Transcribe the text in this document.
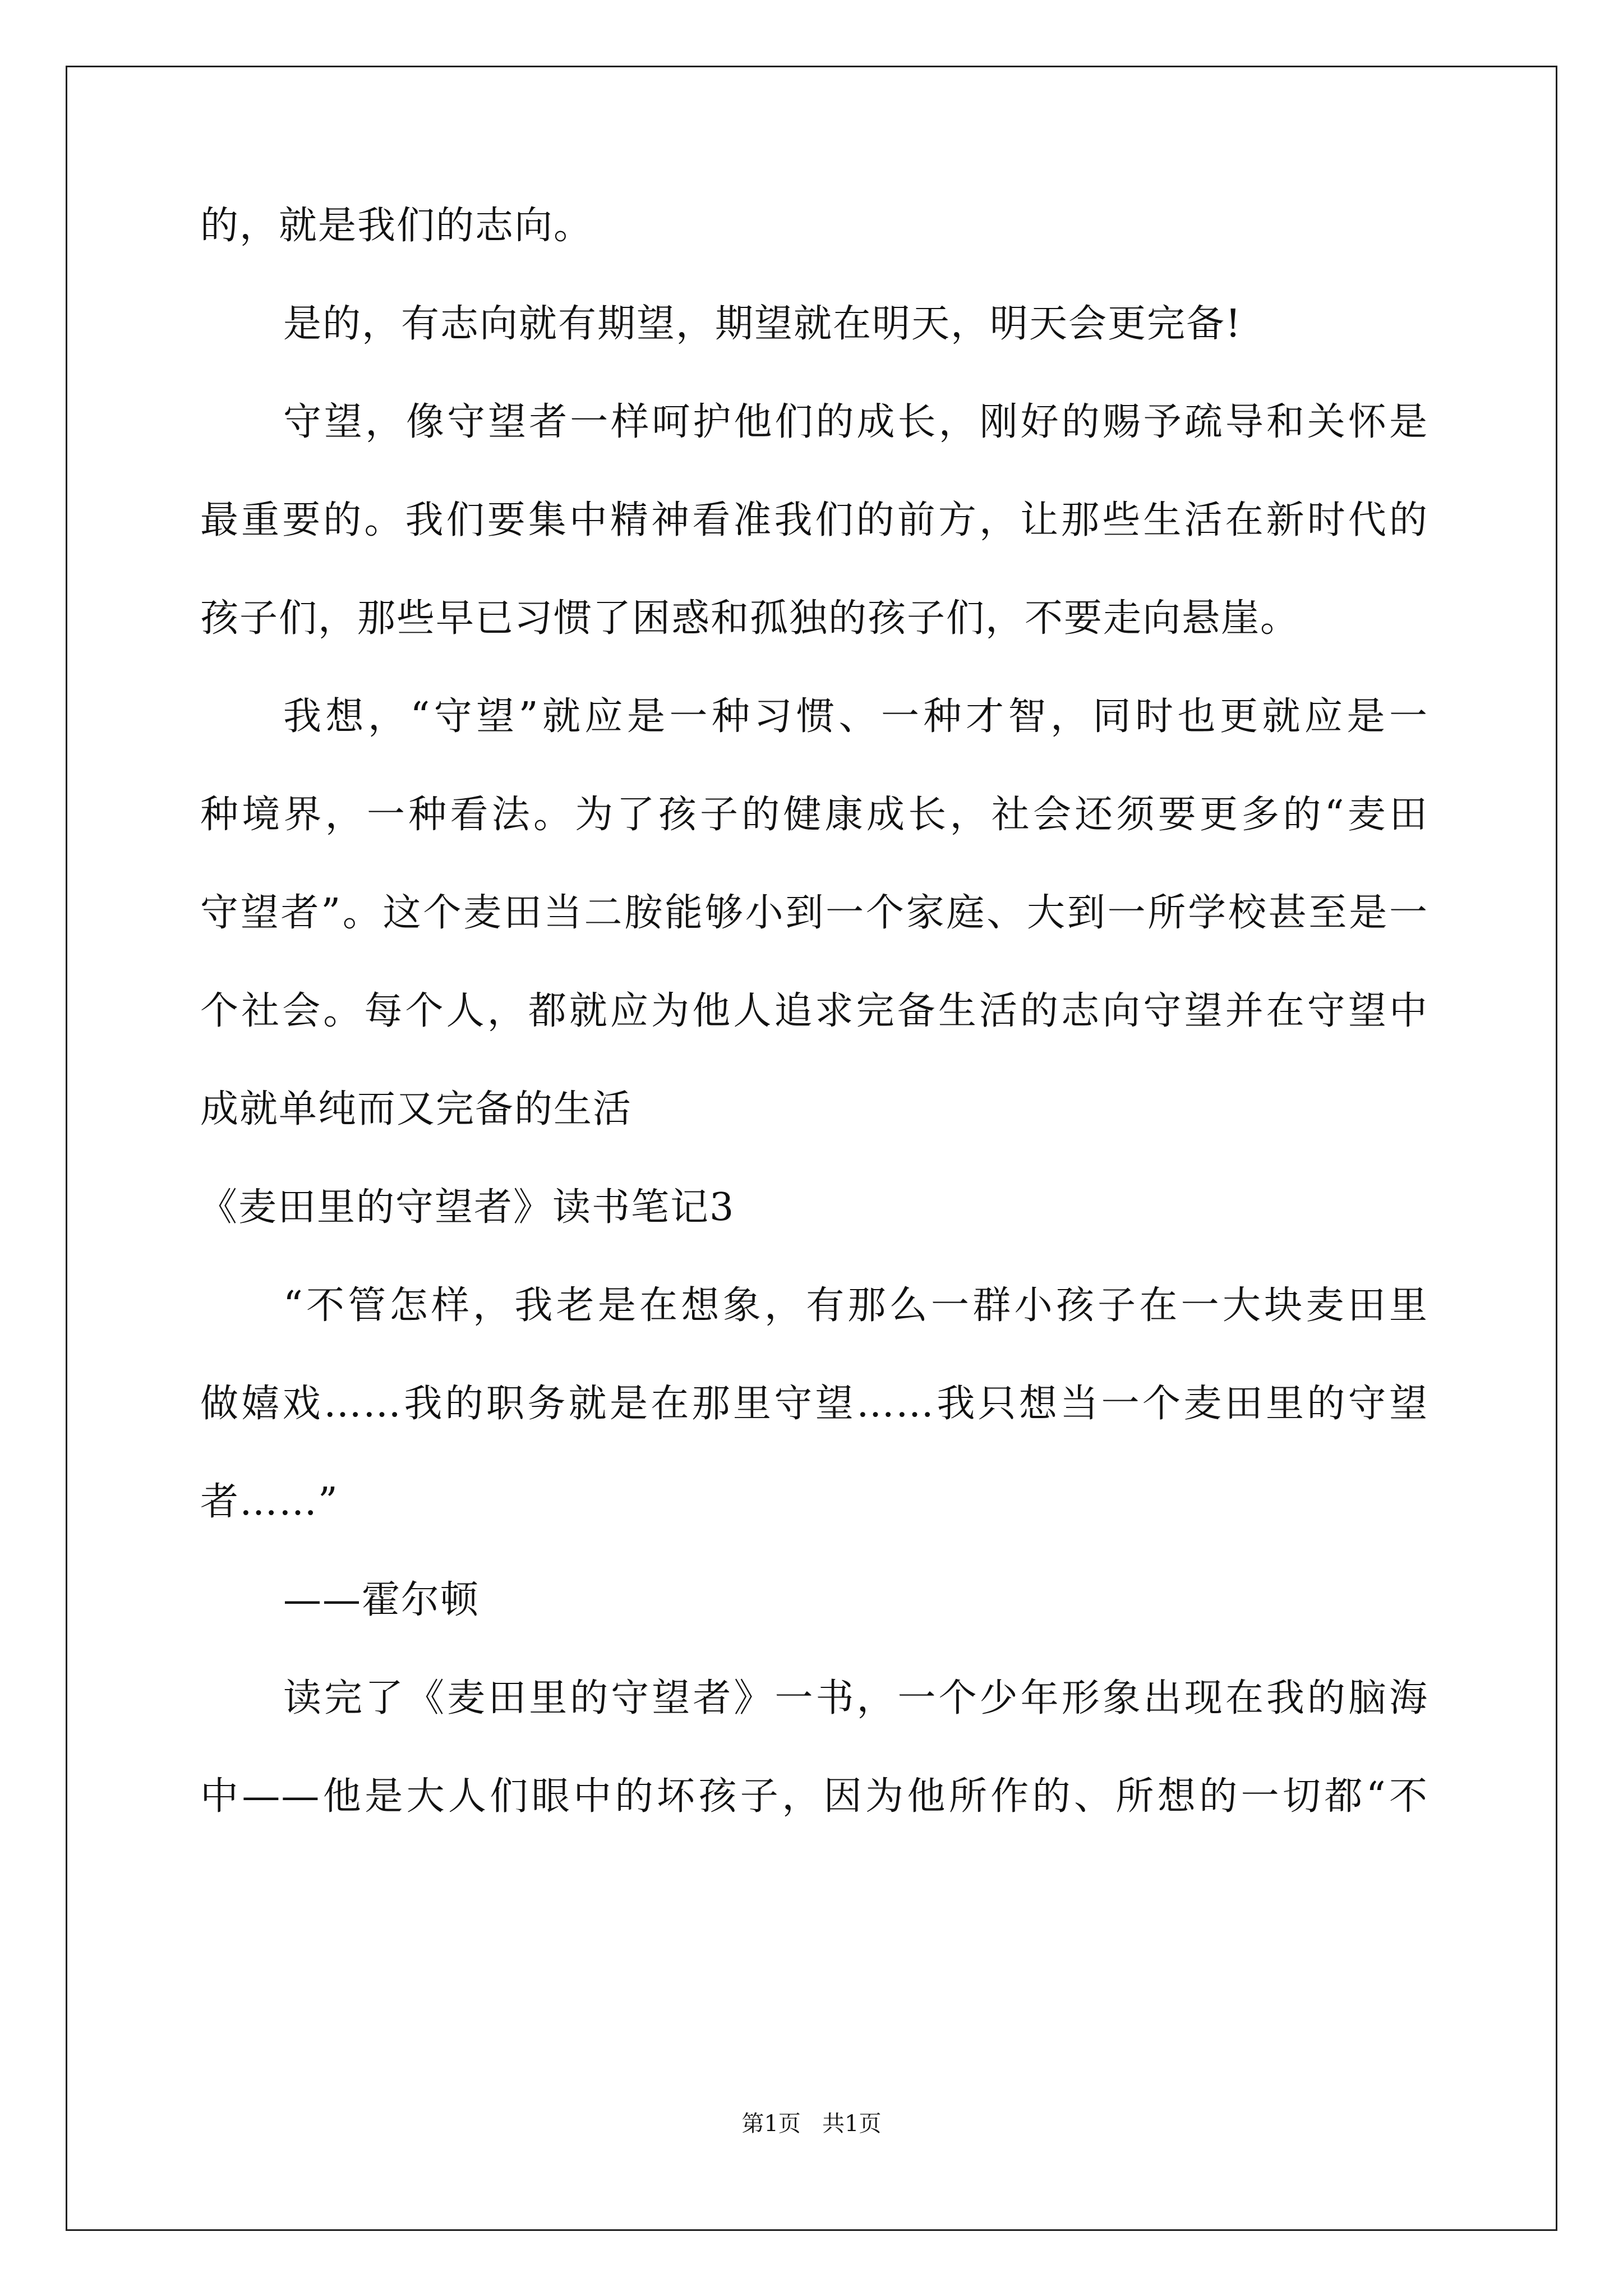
的，就是我们的志向。
是的，有志向就有期望，期望就在明天，明天会更完备!
守望，像守望者一样呵护他们的成长，刚好的赐予疏导和关怀是
最重要的。我们要集中精神看准我们的前方，让那些生活在新时代的
孩子们，那些早已习惯了困惑和孤独的孩子们，不要走向悬崖。
我想，“守望”就应是一种习惯、一种才智，同时也更就应是一
种境界，一种看法。为了孩子的健康成长，社会还须要更多的“麦田
守望者”。这个麦田当二胺能够小到一个家庭、大到一所学校甚至是一
个社会。每个人，都就应为他人追求完备生活的志向守望并在守望中
成就单纯而又完备的生活
《麦田里的守望者》读书笔记3
“不管怎样，我老是在想象，有那么一群小孩子在一大块麦田里
做嬉戏……我的职务就是在那里守望……我只想当一个麦田里的守望
者……”
——霍尔顿
读完了《麦田里的守望者》一书，一个少年形象出现在我的脑海
中——他是大人们眼中的坏孩子，因为他所作的、所想的一切都“不
第1页   共1页
